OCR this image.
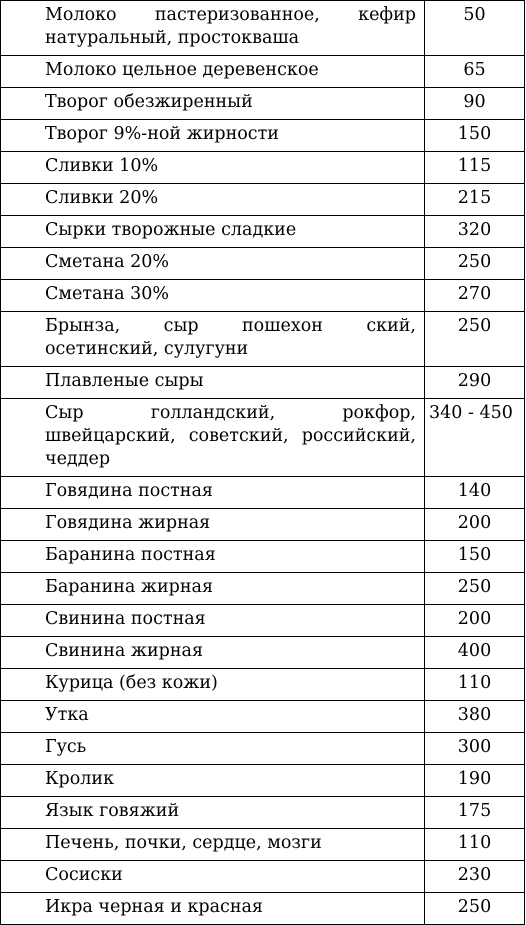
Молоко пастеризованное, кефир натуральный, простокваша	50
Молоко цельное деревенское	65
Творог обезжиренный	90
Творог 9%-ной жирности	150
Сливки 10%	115
Сливки 20%	215
Сырки творожные сладкие	320
Сметана 20%	250
Сметана 30%	270
Брынза, сыр пошехон ский, осетинский, сулугуни	250
Плавленые сыры	290
Сыр голландский, рокфор, швейцарский, советский, российский, чеддер	340 - 450
Говядина постная	140
Говядина жирная	200
Баранина постная	150
Баранина жирная	250
Свинина постная	200
Свинина жирная	400
Курица (без кожи)	110
Утка	380
Гусь	300
Кролик	190
Язык говяжий	175
Печень, почки, сердце, мозги	110
Сосиски	230
Икра черная и красная	250
